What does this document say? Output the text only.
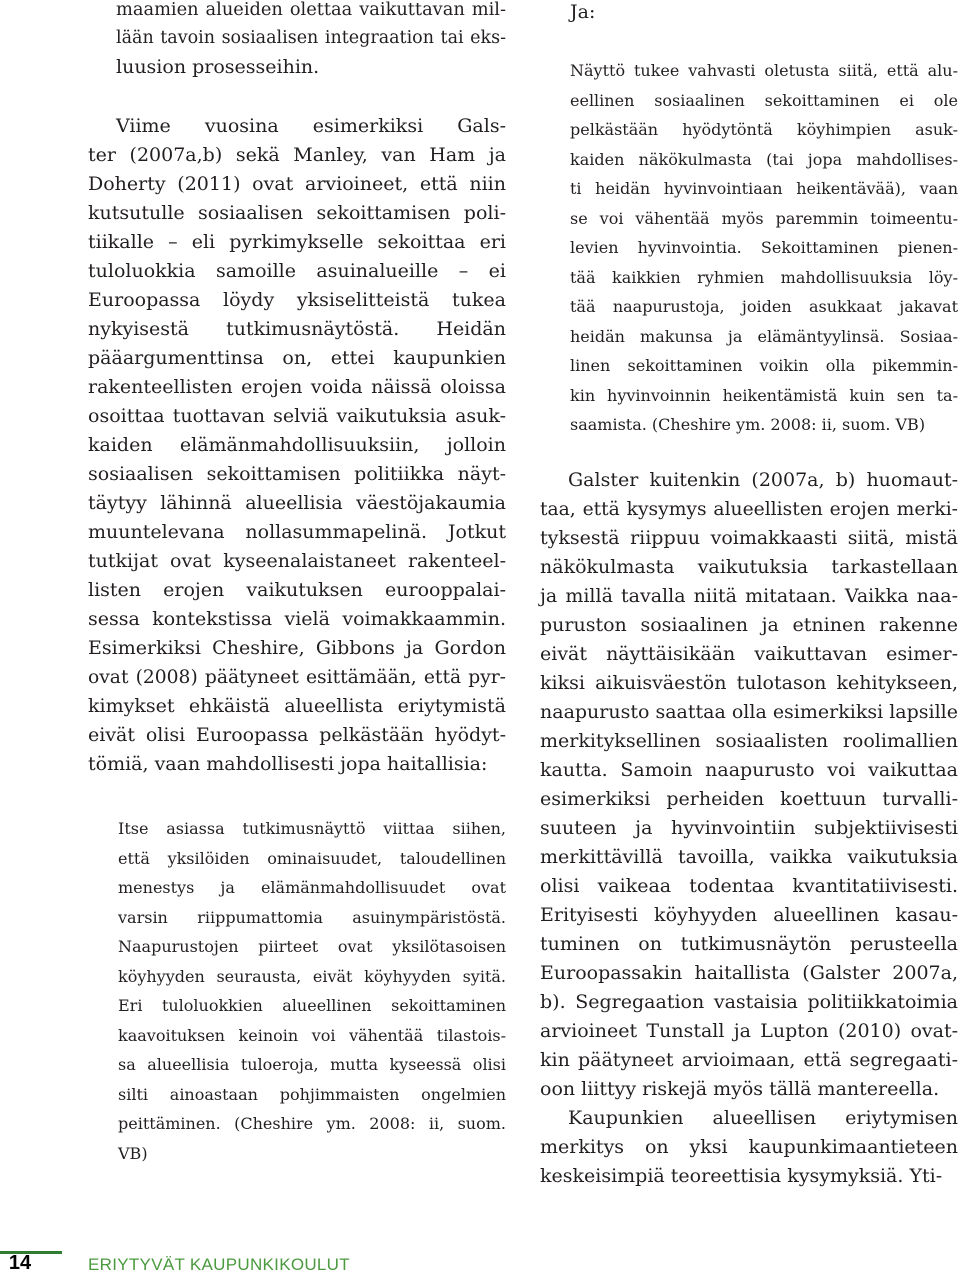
maamien alueiden olettaa vaikuttavan mil-
lään tavoin sosiaalisen integraation tai eks-
luusion prosesseihin.
Viime vuosina esimerkiksi Gals-
ter (2007a,b) sekä Manley, van Ham ja
Doherty (2011) ovat arvioineet, että niin
kutsutulle sosiaalisen sekoittamisen poli-
tiikalle – eli pyrkimykselle sekoittaa eri
tuloluokkia samoille asuinalueille – ei
Euroopassa löydy yksiselitteistä tukea
nykyisestä tutkimusnäytöstä. Heidän
pääargumenttinsa on, ettei kaupunkien
rakenteellisten erojen voida näissä oloissa
osoittaa tuottavan selviä vaikutuksia asuk-
kaiden elämänmahdollisuuksiin, jolloin
sosiaalisen sekoittamisen politiikka näyt-
täytyy lähinnä alueellisia väestöjakaumia
muuntelevana nollasummapelinä. Jotkut
tutkijat ovat kyseenalaistaneet rakenteel-
listen erojen vaikutuksen eurooppalai-
sessa kontekstissa vielä voimakkaammin.
Esimerkiksi Cheshire, Gibbons ja Gordon
ovat (2008) päätyneet esittämään, että pyr-
kimykset ehkäistä alueellista eriytymistä
eivät olisi Euroopassa pelkästään hyödyt-
tömiä, vaan mahdollisesti jopa haitallisia:
Itse asiassa tutkimusnäyttö viittaa siihen,
että yksilöiden ominaisuudet, taloudellinen
menestys ja elämänmahdollisuudet ovat
varsin riippumattomia asuinympäristöstä.
Naapurustojen piirteet ovat yksilötasoisen
köyhyyden seurausta, eivät köyhyyden syitä.
Eri tuloluokkien alueellinen sekoittaminen
kaavoituksen keinoin voi vähentää tilastois-
sa alueellisia tuloeroja, mutta kyseessä olisi
silti ainoastaan pohjimmaisten ongelmien
peittäminen. (Cheshire ym. 2008: ii, suom.
VB)
Ja:
Näyttö tukee vahvasti oletusta siitä, että alu-
eellinen sosiaalinen sekoittaminen ei ole
pelkästään hyödytöntä köyhimpien asuk-
kaiden näkökulmasta (tai jopa mahdollises-
ti heidän hyvinvointiaan heikentävää), vaan
se voi vähentää myös paremmin toimeentu-
levien hyvinvointia. Sekoittaminen pienen-
tää kaikkien ryhmien mahdollisuuksia löy-
tää naapurustoja, joiden asukkaat jakavat
heidän makunsa ja elämäntyylinsä. Sosiaa-
linen sekoittaminen voikin olla pikemmin-
kin hyvinvoinnin heikentämistä kuin sen ta-
saamista. (Cheshire ym. 2008: ii, suom. VB)
Galster kuitenkin (2007a, b) huomaut-
taa, että kysymys alueellisten erojen merki-
tyksestä riippuu voimakkaasti siitä, mistä
näkökulmasta vaikutuksia tarkastellaan
ja millä tavalla niitä mitataan. Vaikka naa-
puruston sosiaalinen ja etninen rakenne
eivät näyttäisikään vaikuttavan esimer-
kiksi aikuisväestön tulotason kehitykseen,
naapurusto saattaa olla esimerkiksi lapsille
merkityksellinen sosiaalisten roolimallien
kautta. Samoin naapurusto voi vaikuttaa
esimerkiksi perheiden koettuun turvalli-
suuteen ja hyvinvointiin subjektiivisesti
merkittävillä tavoilla, vaikka vaikutuksia
olisi vaikeaa todentaa kvantitatiivisesti.
Erityisesti köyhyyden alueellinen kasau-
tuminen on tutkimusnäytön perusteella
Euroopassakin haitallista (Galster 2007a,
b). Segregaation vastaisia politiikkatoimia
arvioineet Tunstall ja Lupton (2010) ovat-
kin päätyneet arvioimaan, että segregaati-
oon liittyy riskejä myös tällä mantereella.
Kaupunkien alueellisen eriytymisen
merkitys on yksi kaupunkimaantieteen
keskeisimpiä teoreettisia kysymyksiä. Yti-
14	ERIYTYVÄT KAUPUNKIKOULUT
